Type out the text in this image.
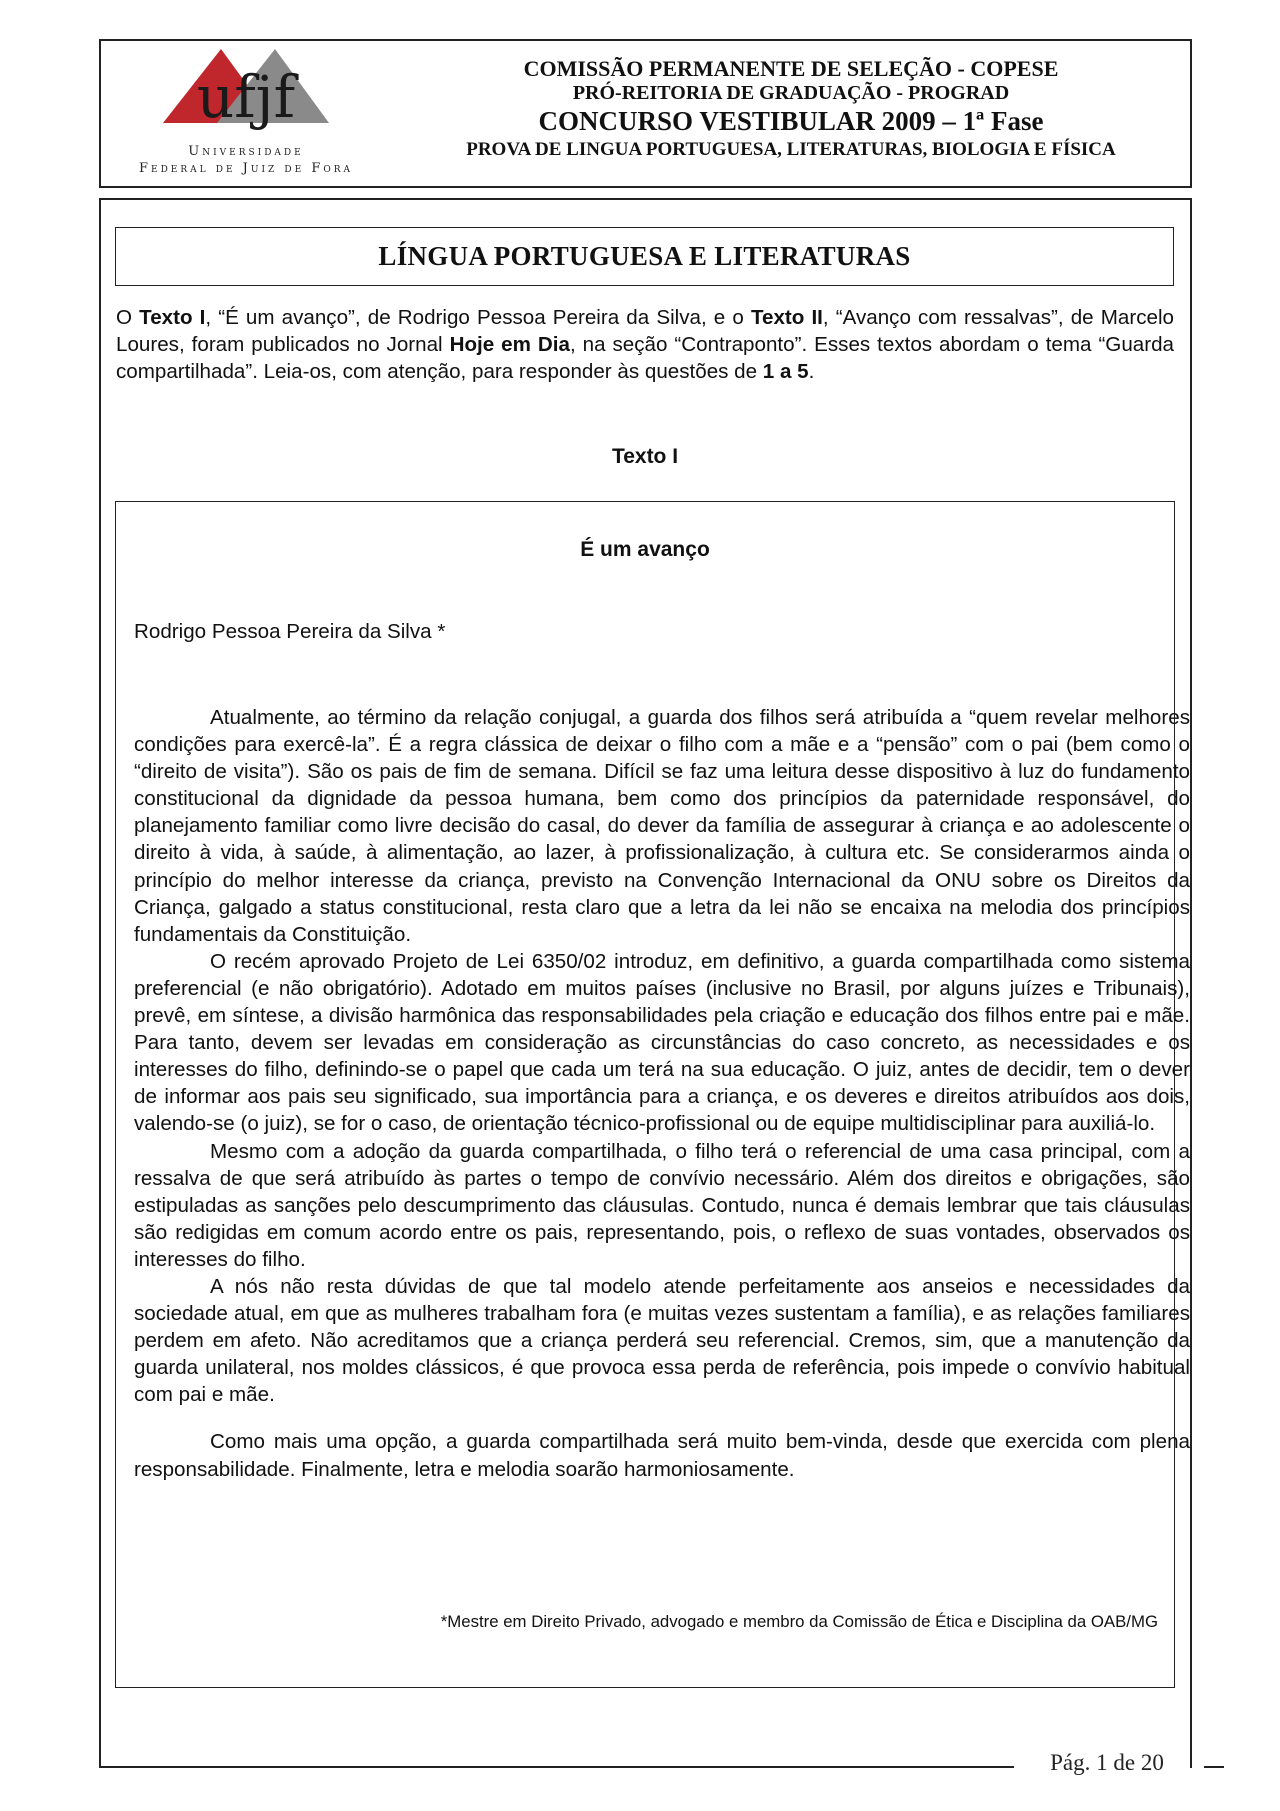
ufjf
Universidade
Federal de Juiz de Fora
COMISSÃO PERMANENTE DE SELEÇÃO - COPESE
PRÓ-REITORIA DE GRADUAÇÃO - PROGRAD
CONCURSO VESTIBULAR 2009 – 1ª Fase
PROVA DE LINGUA PORTUGUESA, LITERATURAS, BIOLOGIA E FÍSICA
LÍNGUA PORTUGUESA E LITERATURAS

O Texto I, “É um avanço”, de Rodrigo Pessoa Pereira da Silva, e o Texto II, “Avanço com ressalvas”, de Marcelo Loures, foram publicados no Jornal Hoje em Dia, na seção “Contraponto”. Esses textos abordam o tema “Guarda compartilhada”. Leia-os, com atenção, para responder às questões de 1 a 5.

Texto I
É um avanço
Rodrigo Pessoa Pereira da Silva *

Atualmente, ao término da relação conjugal, a guarda dos filhos será atribuída a “quem revelar melhores condições para exercê-la”. É a regra clássica de deixar o filho com a mãe e a “pensão” com o pai (bem como o “direito de visita”). São os pais de fim de semana. Difícil se faz uma leitura desse dispositivo à luz do fundamento constitucional da dignidade da pessoa humana, bem como dos princípios da paternidade responsável, do planejamento familiar como livre decisão do casal, do dever da família de assegurar à criança e ao adolescente o direito à vida, à saúde, à alimentação, ao lazer, à profissionalização, à cultura etc. Se considerarmos ainda o princípio do melhor interesse da criança, previsto na Convenção Internacional da ONU sobre os Direitos da Criança, galgado a status constitucional, resta claro que a letra da lei não se encaixa na melodia dos princípios fundamentais da Constituição.

O recém aprovado Projeto de Lei 6350/02 introduz, em definitivo, a guarda compartilhada como sistema preferencial (e não obrigatório). Adotado em muitos países (inclusive no Brasil, por alguns juízes e Tribunais), prevê, em síntese, a divisão harmônica das responsabilidades pela criação e educação dos filhos entre pai e mãe. Para tanto, devem ser levadas em consideração as circunstâncias do caso concreto, as necessidades e os interesses do filho, definindo-se o papel que cada um terá na sua educação. O juiz, antes de decidir, tem o dever de informar aos pais seu significado, sua importância para a criança, e os deveres e direitos atribuídos aos dois, valendo-se (o juiz), se for o caso, de orientação técnico-profissional ou de equipe multidisciplinar para auxiliá-lo.

Mesmo com a adoção da guarda compartilhada, o filho terá o referencial de uma casa principal, com a ressalva de que será atribuído às partes o tempo de convívio necessário. Além dos direitos e obrigações, são estipuladas as sanções pelo descumprimento das cláusulas. Contudo, nunca é demais lembrar que tais cláusulas são redigidas em comum acordo entre os pais, representando, pois, o reflexo de suas vontades, observados os interesses do filho.

A nós não resta dúvidas de que tal modelo atende perfeitamente aos anseios e necessidades da sociedade atual, em que as mulheres trabalham fora (e muitas vezes sustentam a família), e as relações familiares perdem em afeto. Não acreditamos que a criança perderá seu referencial. Cremos, sim, que a manutenção da guarda unilateral, nos moldes clássicos, é que provoca essa perda de referência, pois impede o convívio habitual com pai e mãe.

Como mais uma opção, a guarda compartilhada será muito bem-vinda, desde que exercida com plena responsabilidade. Finalmente, letra e melodia soarão harmoniosamente.

*Mestre em Direito Privado, advogado e membro da Comissão de Ética e Disciplina da OAB/MG
Pág. 1 de 20
